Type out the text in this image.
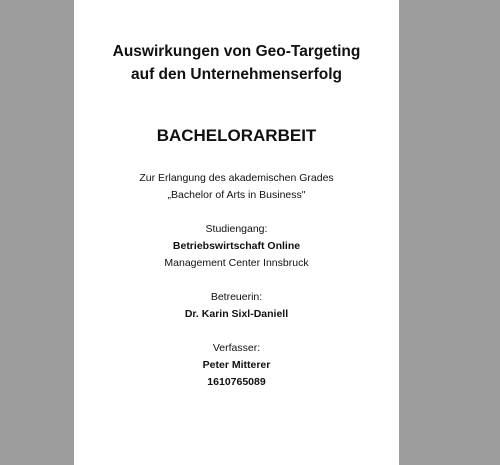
Auswirkungen von Geo-Targeting
auf den Unternehmenserfolg
BACHELORARBEIT
Zur Erlangung des akademischen Grades
„Bachelor of Arts in Business"
Studiengang:
Betriebswirtschaft Online
Management Center Innsbruck
Betreuerin:
Dr. Karin Sixl-Daniell
Verfasser:
Peter Mitterer
1610765089
